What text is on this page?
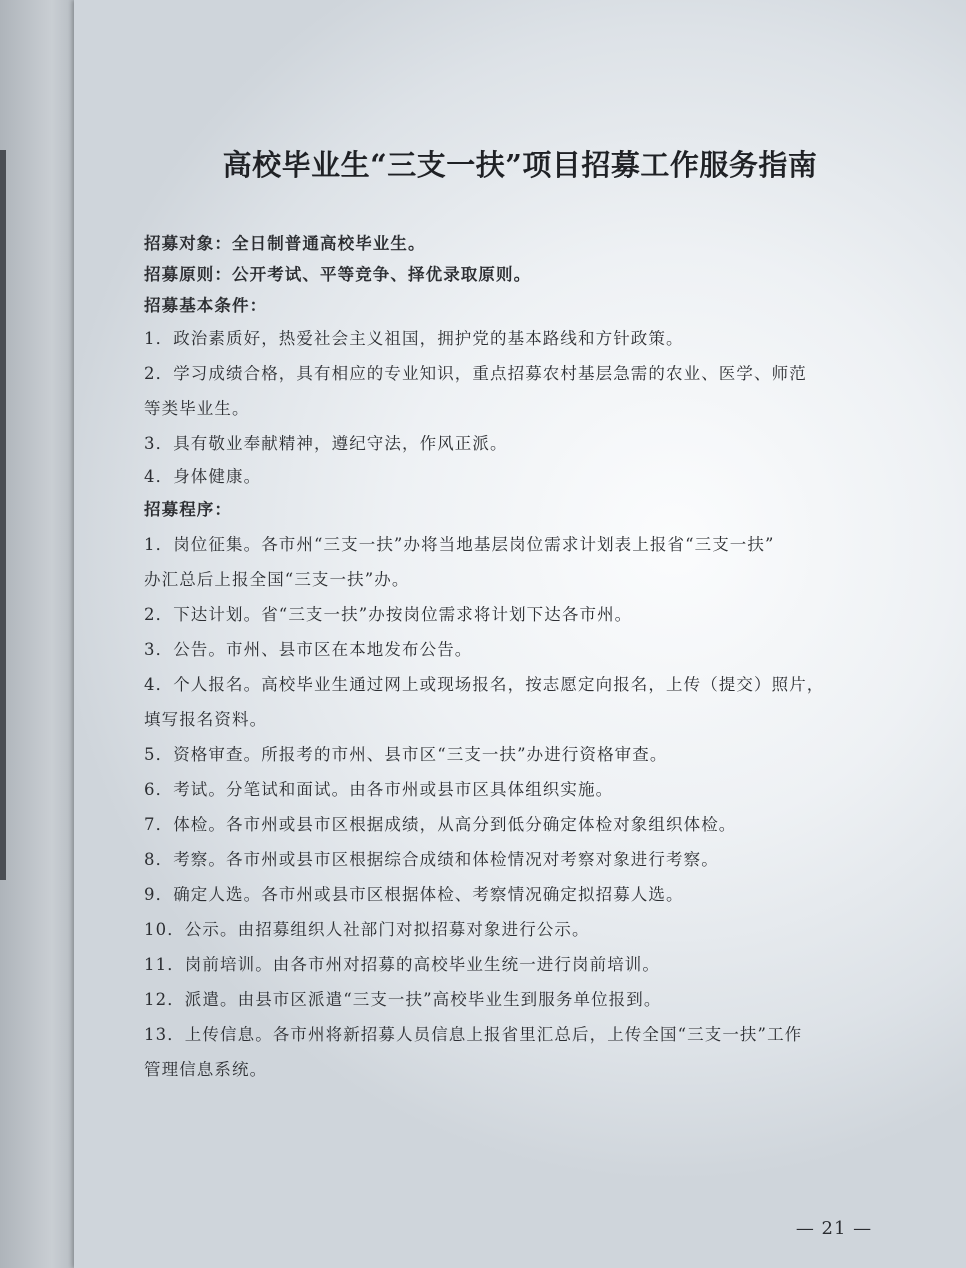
高校毕业生“三支一扶”项目招募工作服务指南
招募对象：全日制普通高校毕业生。
招募原则：公开考试、平等竞争、择优录取原则。
招募基本条件：
1．政治素质好，热爱社会主义祖国，拥护党的基本路线和方针政策。
2．学习成绩合格，具有相应的专业知识，重点招募农村基层急需的农业、医学、师范
等类毕业生。
3．具有敬业奉献精神，遵纪守法，作风正派。
4．身体健康。
招募程序：
1．岗位征集。各市州“三支一扶”办将当地基层岗位需求计划表上报省“三支一扶”
办汇总后上报全国“三支一扶”办。
2．下达计划。省“三支一扶”办按岗位需求将计划下达各市州。
3．公告。市州、县市区在本地发布公告。
4．个人报名。高校毕业生通过网上或现场报名，按志愿定向报名，上传（提交）照片，
填写报名资料。
5．资格审查。所报考的市州、县市区“三支一扶”办进行资格审查。
6．考试。分笔试和面试。由各市州或县市区具体组织实施。
7．体检。各市州或县市区根据成绩，从高分到低分确定体检对象组织体检。
8．考察。各市州或县市区根据综合成绩和体检情况对考察对象进行考察。
9．确定人选。各市州或县市区根据体检、考察情况确定拟招募人选。
10．公示。由招募组织人社部门对拟招募对象进行公示。
11．岗前培训。由各市州对招募的高校毕业生统一进行岗前培训。
12．派遣。由县市区派遣“三支一扶”高校毕业生到服务单位报到。
13．上传信息。各市州将新招募人员信息上报省里汇总后，上传全国“三支一扶”工作
管理信息系统。
— 21 —
